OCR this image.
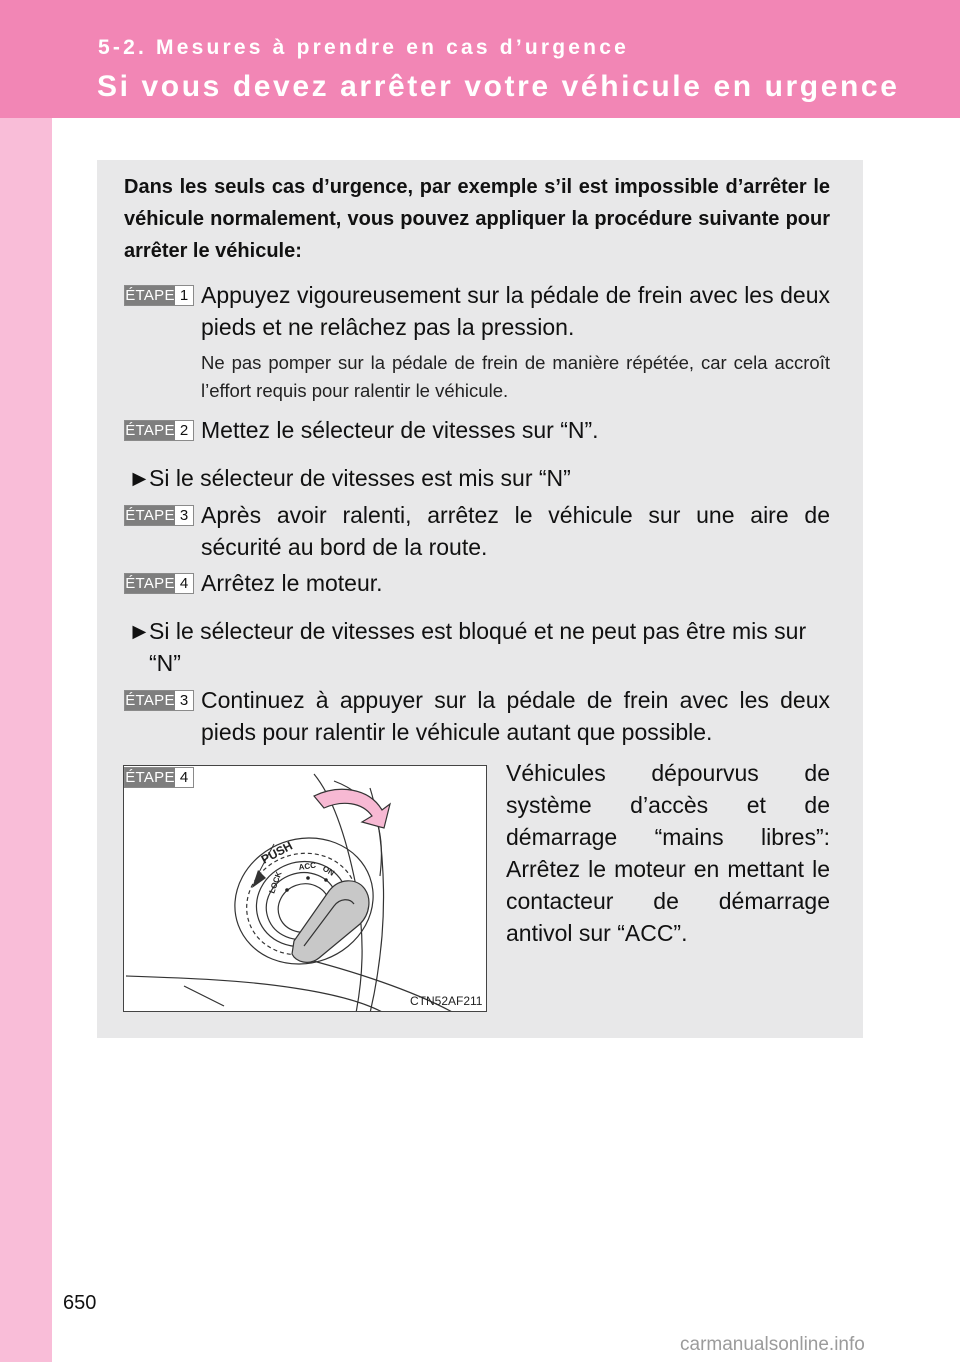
5-2. Mesures à prendre en cas d’urgence
Si vous devez arrêter votre véhicule en urgence
Dans les seuls cas d’urgence, par exemple s’il est impossible d’arrêter le véhicule normalement, vous pouvez appliquer la procédure suivante pour arrêter le véhicule:
ÉTAPE 1 Appuyez vigoureusement sur la pédale de frein avec les deux pieds et ne relâchez pas la pression.
Ne pas pomper sur la pédale de frein de manière répétée, car cela accroît l’effort requis pour ralentir le véhicule.
ÉTAPE 2 Mettez le sélecteur de vitesses sur “N”.
►Si le sélecteur de vitesses est mis sur “N”
ÉTAPE 3 Après avoir ralenti, arrêtez le véhicule sur une aire de sécurité au bord de la route.
ÉTAPE 4 Arrêtez le moteur.
►Si le sélecteur de vitesses est bloqué et ne peut pas être mis sur
“N”
ÉTAPE 3 Continuez à appuyer sur la pédale de frein avec les deux pieds pour ralentir le véhicule autant que possible.
PUSH
LOCK
ACC ON
ÉTAPE 4
CTN52AF211
Véhicules dépourvus de système d’accès et de démarrage “mains libres”: Arrêtez le moteur en mettant le contacteur de démarrage antivol sur “ACC”.
650
carmanualsonline.info
